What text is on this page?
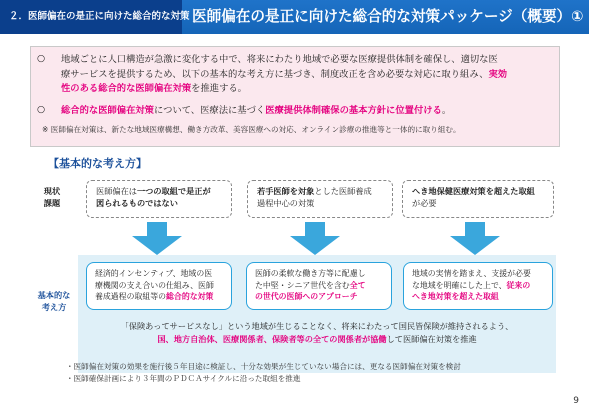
２．医師偏在の是正に向けた総合的な対策 医師偏在の是正に向けた総合的な対策パッケージ（概要）①
○ 地域ごとに人口構造が急激に変化する中で、将来にわたり地域で必要な医療提供体制を確保し、適切な医
療サービスを提供するため、以下の基本的な考え方に基づき、制度改正を含め必要な対応に取り組み、実効
性のある総合的な医師偏在対策を推進する。
○ 総合的な医師偏在対策について、医療法に基づく医療提供体制確保の基本方針に位置付ける。
※ 医師偏在対策は、新たな地域医療構想、働き方改革、美容医療への対応、オンライン診療の推進等と一体的に取り組む。
【基本的な考え方】
現状
課題
医師偏在は一つの取組で是正が
図られるものではない
若手医師を対象とした医師養成
過程中心の対策
へき地保健医療対策を超えた取組
が必要
基本的な
考え方
経済的インセンティブ、地域の医
療機関の支え合いの仕組み、医師
養成過程の取組等の総合的な対策
医師の柔軟な働き方等に配慮し
た中堅・シニア世代を含む全て
の世代の医師へのアプローチ
地域の実情を踏まえ、支援が必要
な地域を明確にした上で、従来の
へき地対策を超えた取組
「保険あってサービスなし」という地域が生じることなく、将来にわたって国民皆保険が維持されるよう、
国、地方自治体、医療関係者、保険者等の全ての関係者が協働して医師偏在対策を推進
・医師偏在対策の効果を施行後５年目途に検証し、十分な効果が生じていない場合には、更なる医師偏在対策を検討
・医師確保計画により３年間のＰＤＣＡサイクルに沿った取組を推進
9
